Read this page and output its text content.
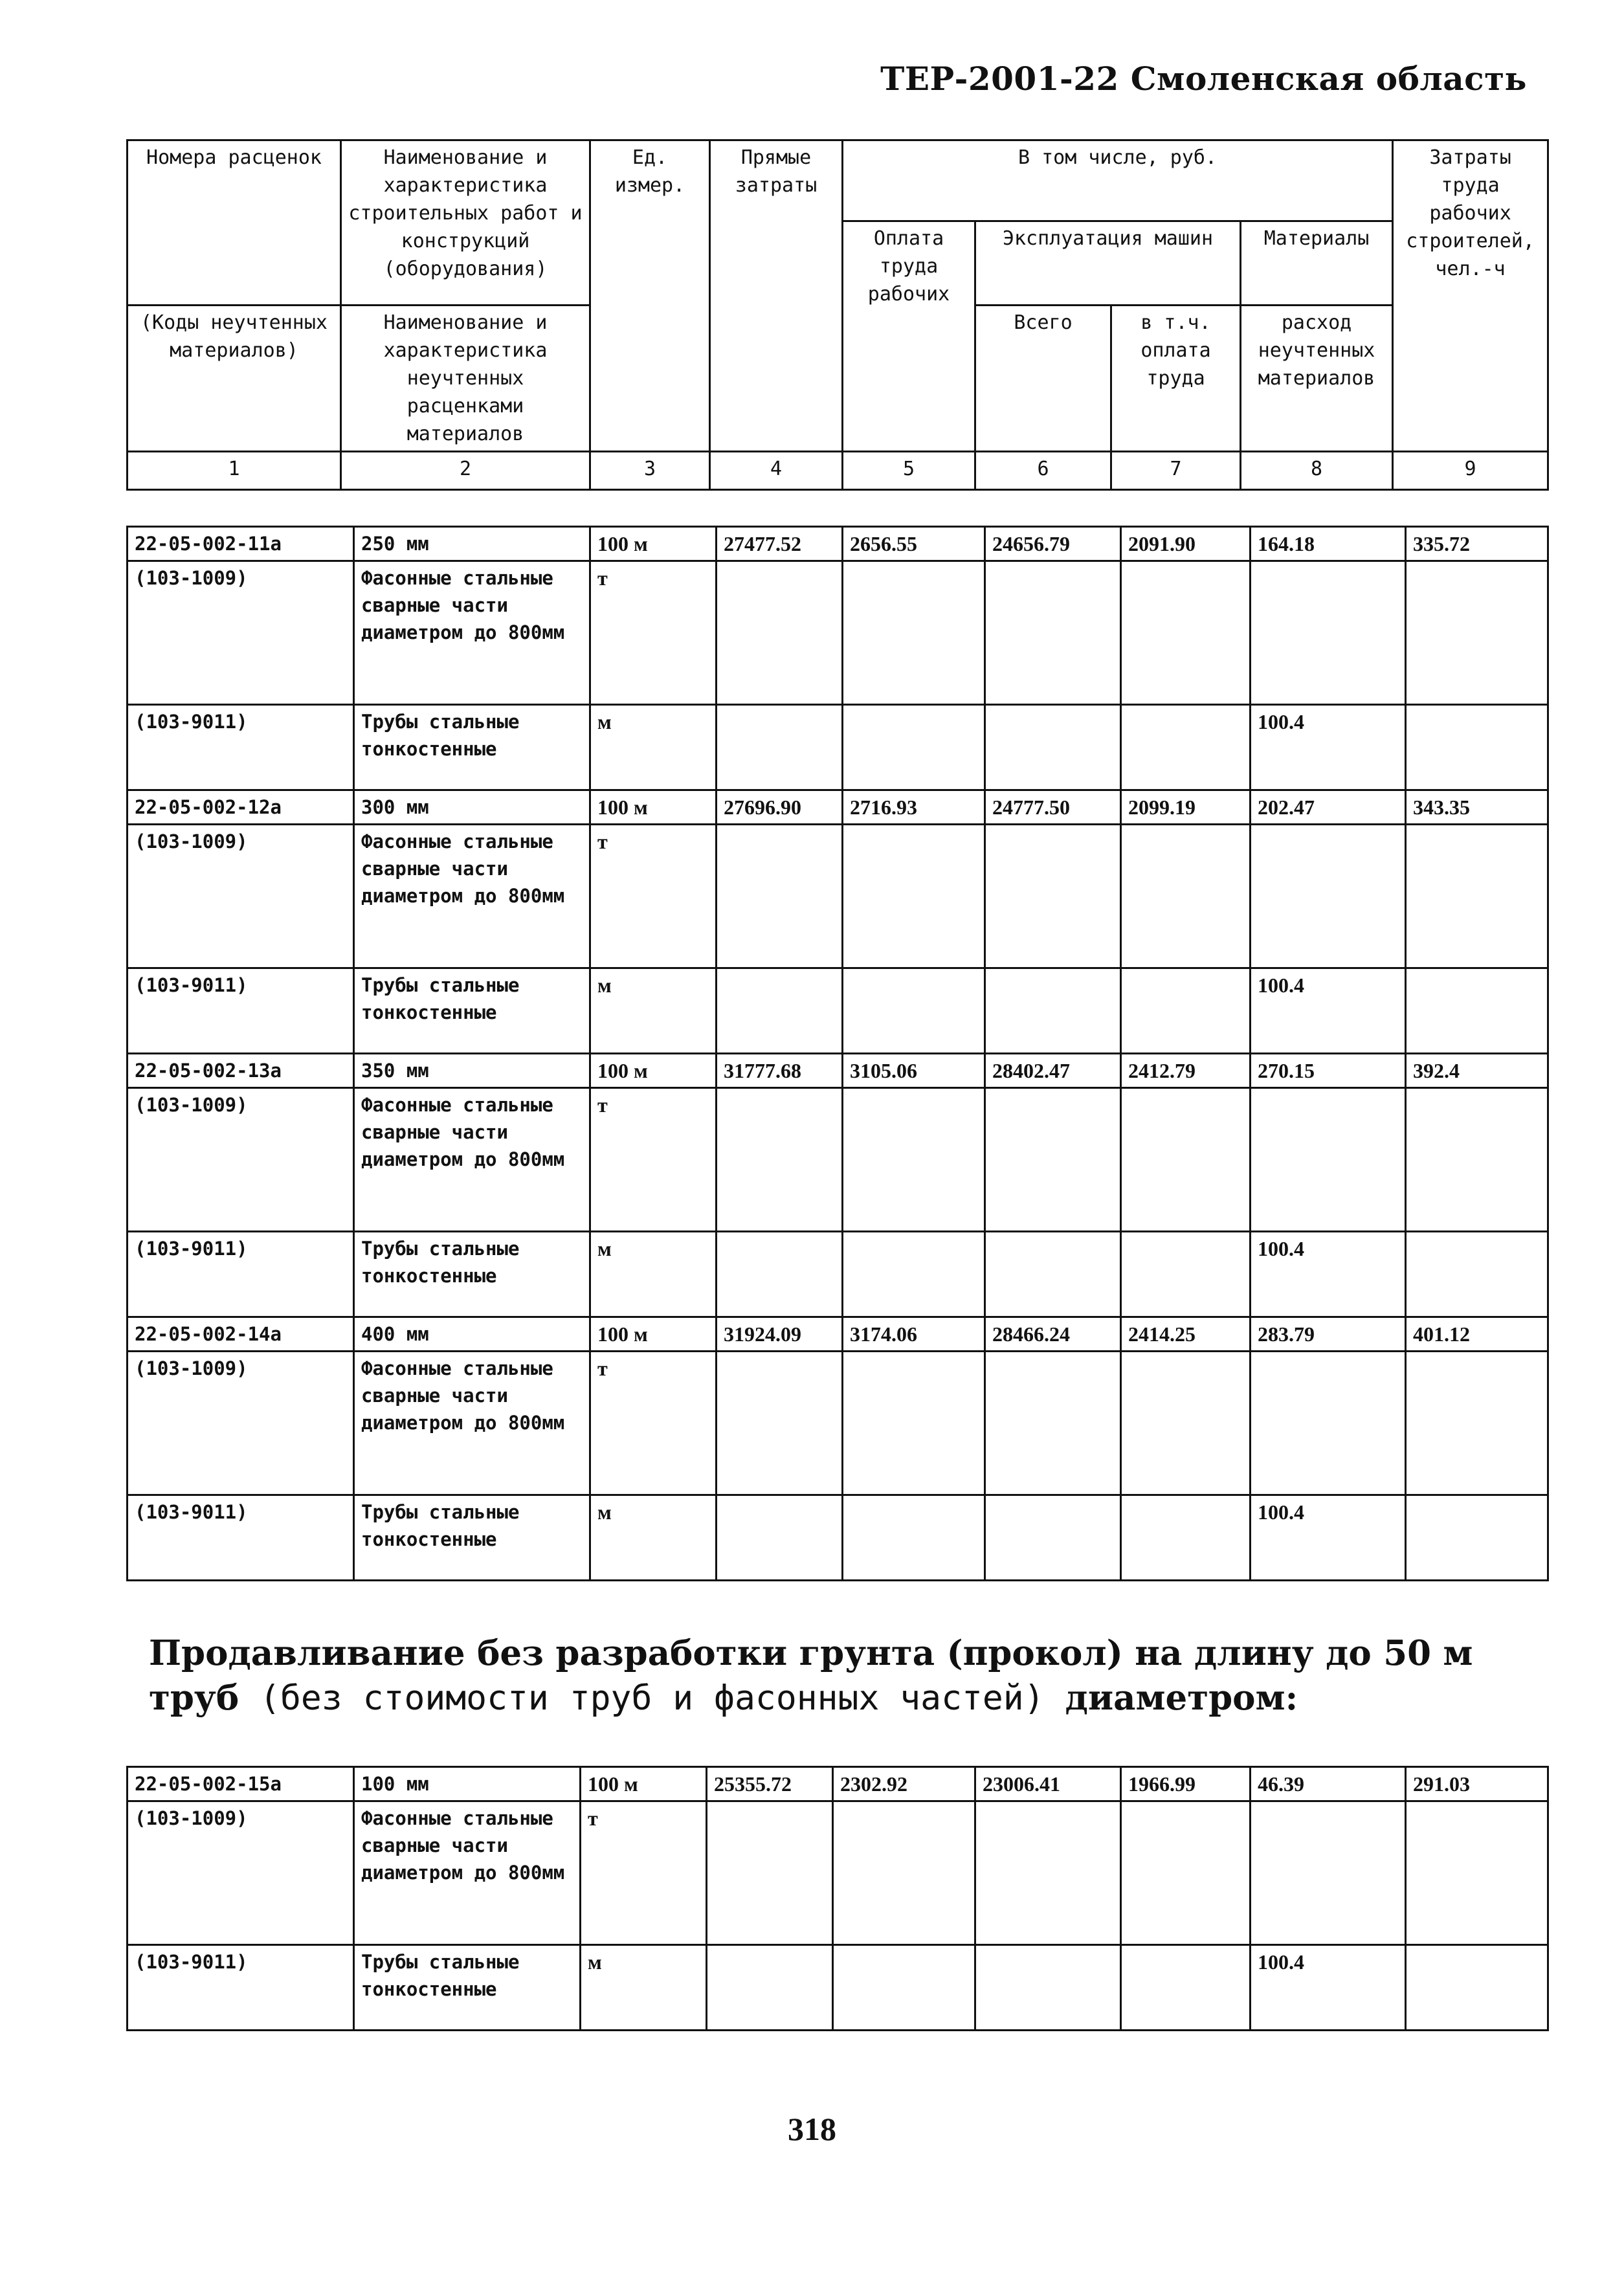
ТЕР-2001-22 Смоленская область
Номера расценок	Наименование и характеристика строительных работ и конструкций (оборудования)	Ед. измер.	Прямые затраты	В том числе, руб.				Затраты труда рабочих строителей, чел.-ч
				Оплата труда рабочих	Эксплуатация машин		Материалы	
(Коды неучтенных материалов)	Наименование и характеристика неучтенных расценками материалов				Всего	в т.ч. оплата труда	расход неучтенных материалов	

1	2	3	4	5	6	7	8	9
22-05-002-11a	250 мм	100 м	27477.52	2656.55	24656.79	2091.90	164.18	335.72
(103-1009)	Фасонные стальные сварные части диаметром до 800мм	т						
(103-9011)	Трубы стальные тонкостенные	м					100.4	
22-05-002-12a	300 мм	100 м	27696.90	2716.93	24777.50	2099.19	202.47	343.35
(103-1009)	Фасонные стальные сварные части диаметром до 800мм	т						
(103-9011)	Трубы стальные тонкостенные	м					100.4	
22-05-002-13a	350 мм	100 м	31777.68	3105.06	28402.47	2412.79	270.15	392.4
(103-1009)	Фасонные стальные сварные части диаметром до 800мм	т						
(103-9011)	Трубы стальные тонкостенные	м					100.4	
22-05-002-14a	400 мм	100 м	31924.09	3174.06	28466.24	2414.25	283.79	401.12
(103-1009)	Фасонные стальные сварные части диаметром до 800мм	т						
(103-9011)	Трубы стальные тонкостенные	м					100.4	
Продавливание без разработки грунта (прокол) на длину до 50 м труб (без стоимости труб и фасонных частей) диаметром:
22-05-002-15a	100 мм	100 м	25355.72	2302.92	23006.41	1966.99	46.39	291.03
(103-1009)	Фасонные стальные сварные части диаметром до 800мм	т						
(103-9011)	Трубы стальные тонкостенные	м					100.4	
318
